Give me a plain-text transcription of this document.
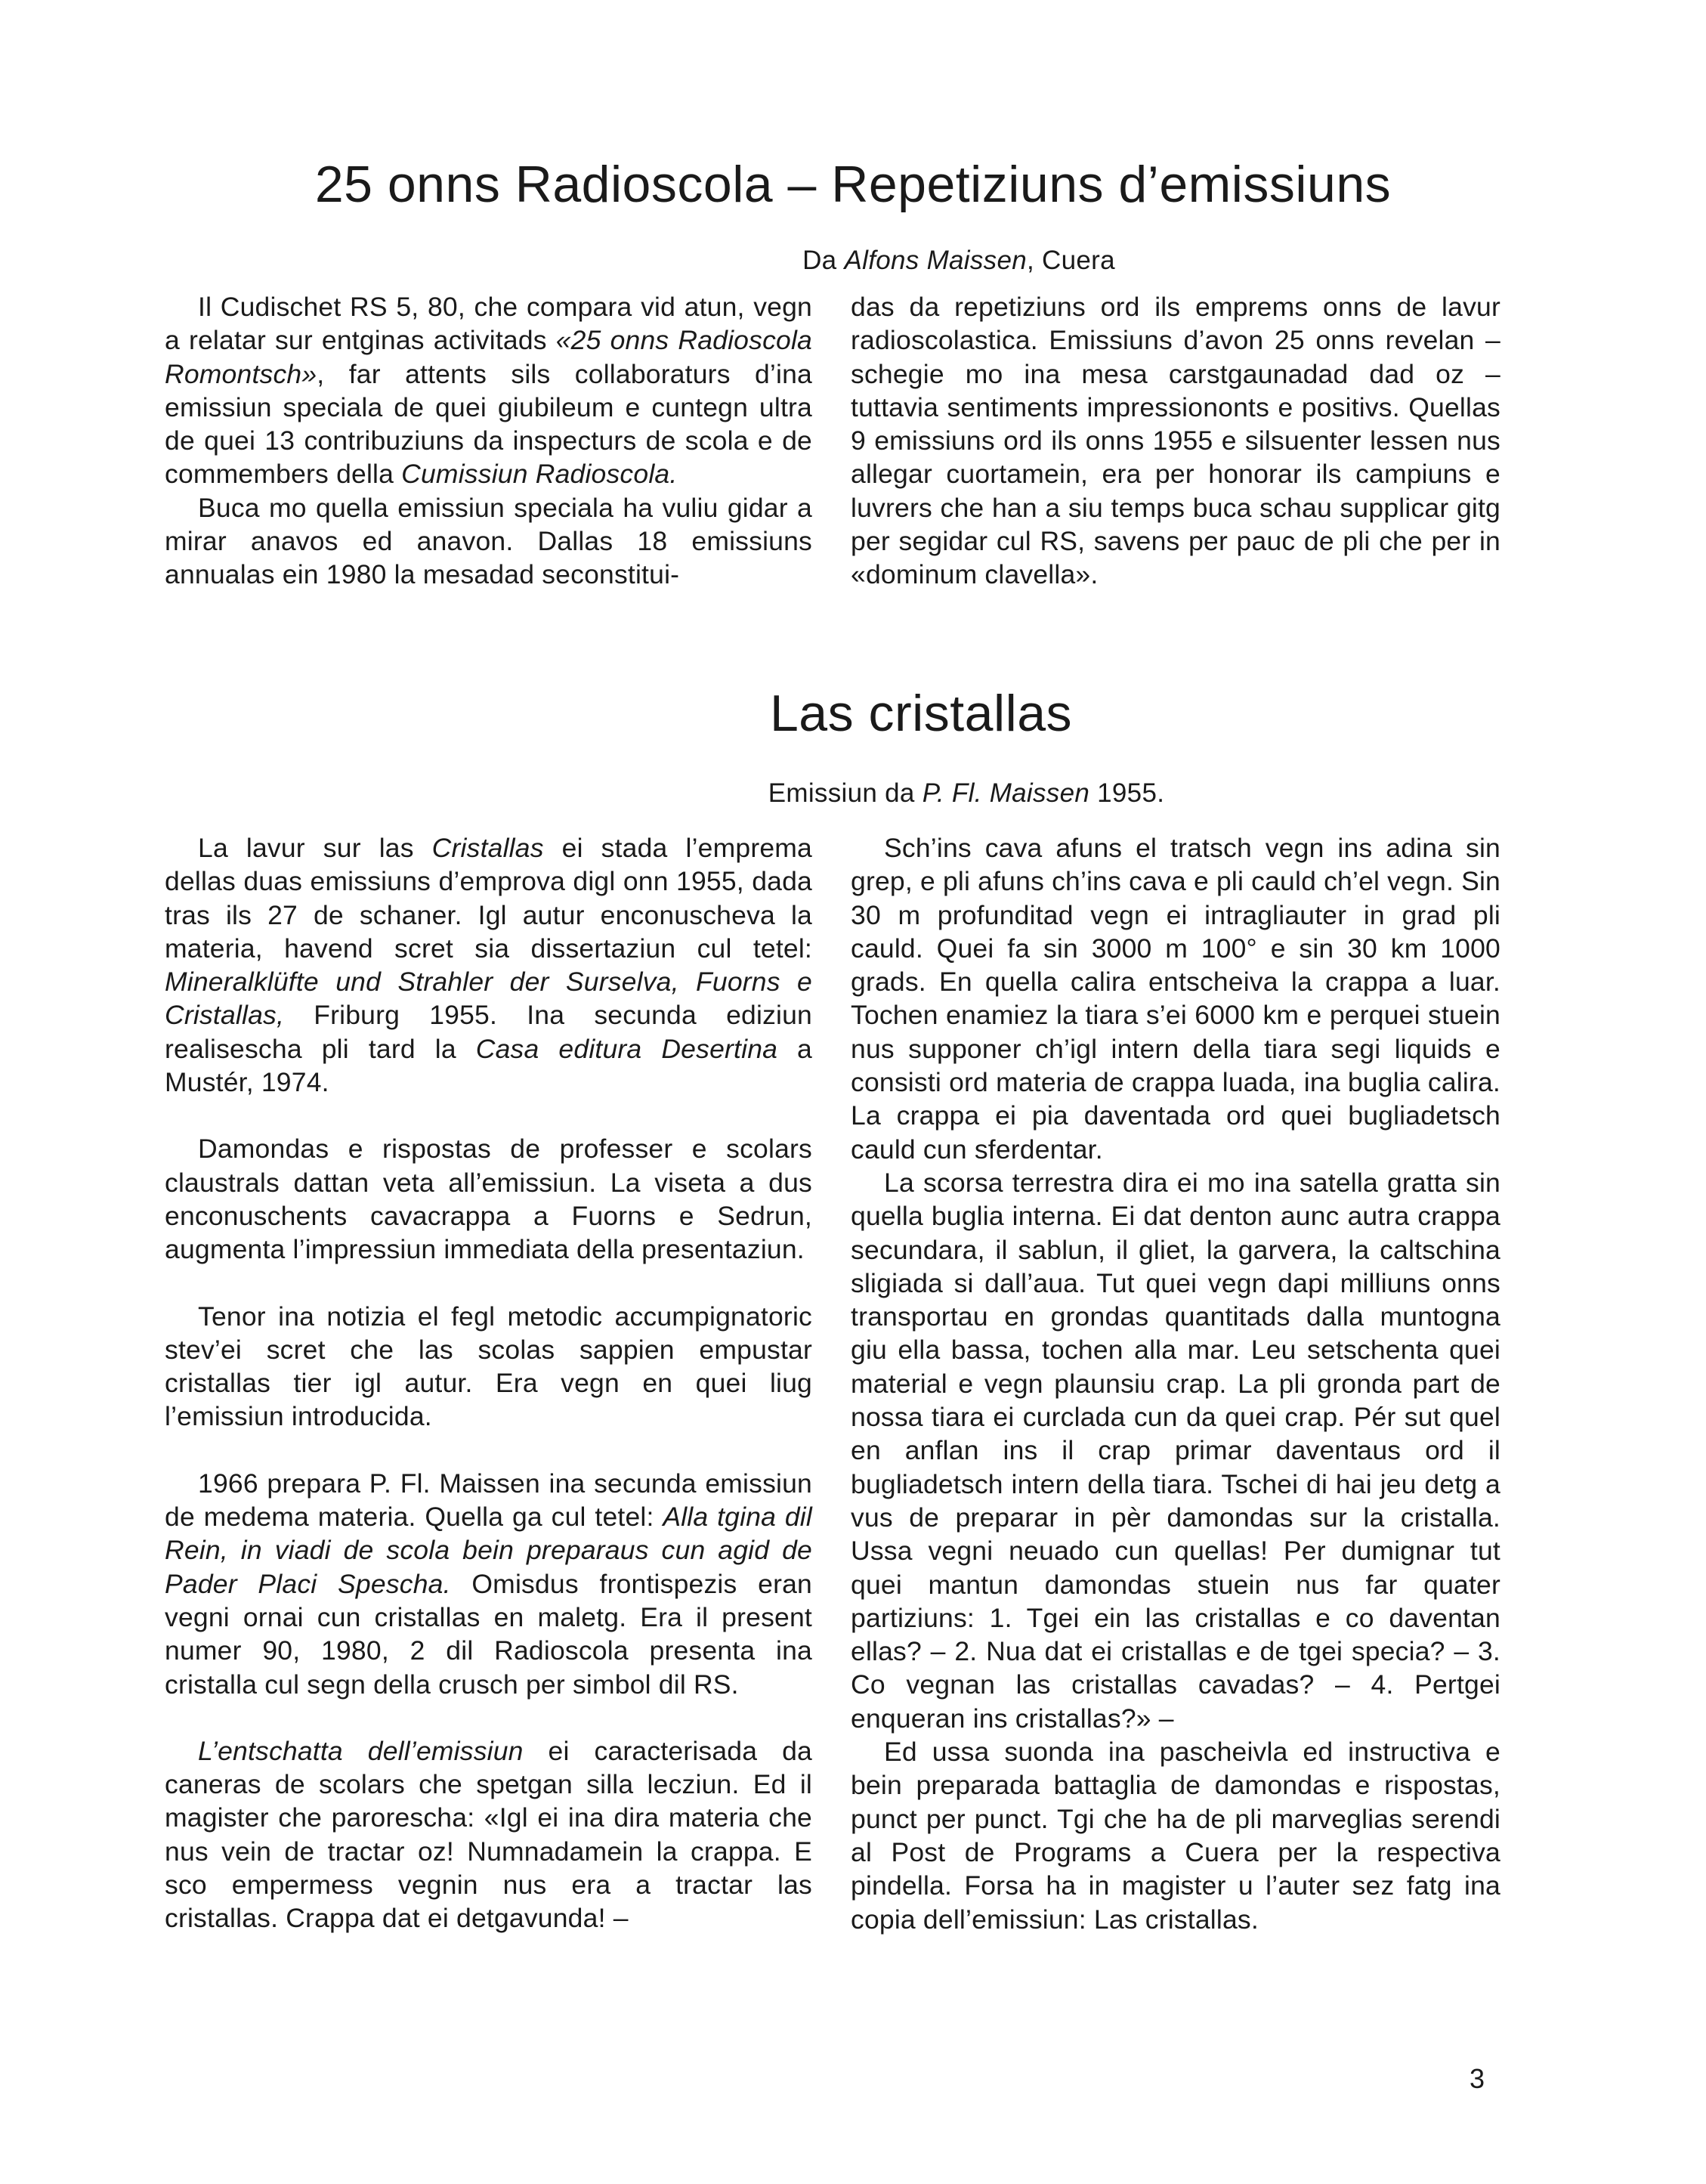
25 onns Radioscola – Repetiziuns d’emissiuns
Da Alfons Maissen, Cuera

Il Cudischet RS 5, 80, che compara vid atun, vegn a relatar sur entginas activitads «25 onns Radioscola Romontsch», far attents sils collaboraturs d’ina emissiun speciala de quei giubileum e cuntegn ultra de quei 13 contribuziuns da inspecturs de scola e de commembers della Cumissiun Radioscola.

Buca mo quella emissiun speciala ha vuliu gidar a mirar anavos ed anavon. Dallas 18 emissiuns annualas ein 1980 la mesadad seconstitui-

das da repetiziuns ord ils emprems onns de lavur radioscolastica. Emissiuns d’avon 25 onns revelan – schegie mo ina mesa carstgaunadad dad oz – tuttavia sentiments impressiononts e positivs. Quellas 9 emissiuns ord ils onns 1955 e silsuenter lessen nus allegar cuortamein, era per honorar ils campiuns e luvrers che han a siu temps buca schau supplicar gitg per segidar cul RS, savens per pauc de pli che per in «dominum clavella».

Las cristallas
Emissiun da P. Fl. Maissen 1955.

La lavur sur las Cristallas ei stada l’emprema dellas duas emissiuns d’emprova digl onn 1955, dada tras ils 27 de schaner. Igl autur enconuscheva la materia, havend scret sia dissertaziun cul tetel: Mineralklüfte und Strahler der Surselva, Fuorns e Cristallas, Friburg 1955. Ina secunda ediziun realisescha pli tard la Casa editura Desertina a Mustér, 1974.

Damondas e rispostas de professer e scolars claustrals dattan veta all’emissiun. La viseta a dus enconuschents cavacrappa a Fuorns e Sedrun, augmenta l’impressiun immediata della presentaziun.

Tenor ina notizia el fegl metodic accumpignatoric stev’ei scret che las scolas sappien empustar cristallas tier igl autur. Era vegn en quei liug l’emissiun introducida.

1966 prepara P. Fl. Maissen ina secunda emissiun de medema materia. Quella ga cul tetel: Alla tgina dil Rein, in viadi de scola bein preparaus cun agid de Pader Placi Spescha. Omisdus frontispezis eran vegni ornai cun cristallas en maletg. Era il present numer 90, 1980, 2 dil Radioscola presenta ina cristalla cul segn della crusch per simbol dil RS.

L’entschatta dell’emissiun ei caracterisada da caneras de scolars che spetgan silla lecziun. Ed il magister che parorescha: «Igl ei ina dira materia che nus vein de tractar oz! Numnadamein la crappa. E sco empermess vegnin nus era a tractar las cristallas. Crappa dat ei detgavunda! –

Sch’ins cava afuns el tratsch vegn ins adina sin grep, e pli afuns ch’ins cava e pli cauld ch’el vegn. Sin 30 m profunditad vegn ei intragliauter in grad pli cauld. Quei fa sin 3000 m 100° e sin 30 km 1000 grads. En quella calira entscheiva la crappa a luar. Tochen enamiez la tiara s’ei 6000 km e perquei stuein nus supponer ch’igl intern della tiara segi liquids e consisti ord materia de crappa luada, ina buglia calira. La crappa ei pia daventada ord quei bugliadetsch cauld cun sferdentar.

La scorsa terrestra dira ei mo ina satella gratta sin quella buglia interna. Ei dat denton aunc autra crappa secundara, il sablun, il gliet, la garvera, la caltschina sligiada si dall’aua. Tut quei vegn dapi milliuns onns transportau en grondas quantitads dalla muntogna giu ella bassa, tochen alla mar. Leu setschenta quei material e vegn plaunsiu crap. La pli gronda part de nossa tiara ei curclada cun da quei crap. Pér sut quel en anflan ins il crap primar daventaus ord il bugliadetsch intern della tiara. Tschei di hai jeu detg a vus de preparar in pèr damondas sur la cristalla. Ussa vegni neuado cun quellas! Per dumignar tut quei mantun damondas stuein nus far quater partiziuns: 1. Tgei ein las cristallas e co daventan ellas? – 2. Nua dat ei cristallas e de tgei specia? – 3. Co vegnan las cristallas cavadas? – 4. Pertgei enqueran ins cristallas?» –

Ed ussa suonda ina pascheivla ed instructiva e bein preparada battaglia de damondas e rispostas, punct per punct. Tgi che ha de pli marveglias serendi al Post de Programs a Cuera per la respectiva pindella. Forsa ha in magister u l’auter sez fatg ina copia dell’emissiun: Las cristallas.

3
